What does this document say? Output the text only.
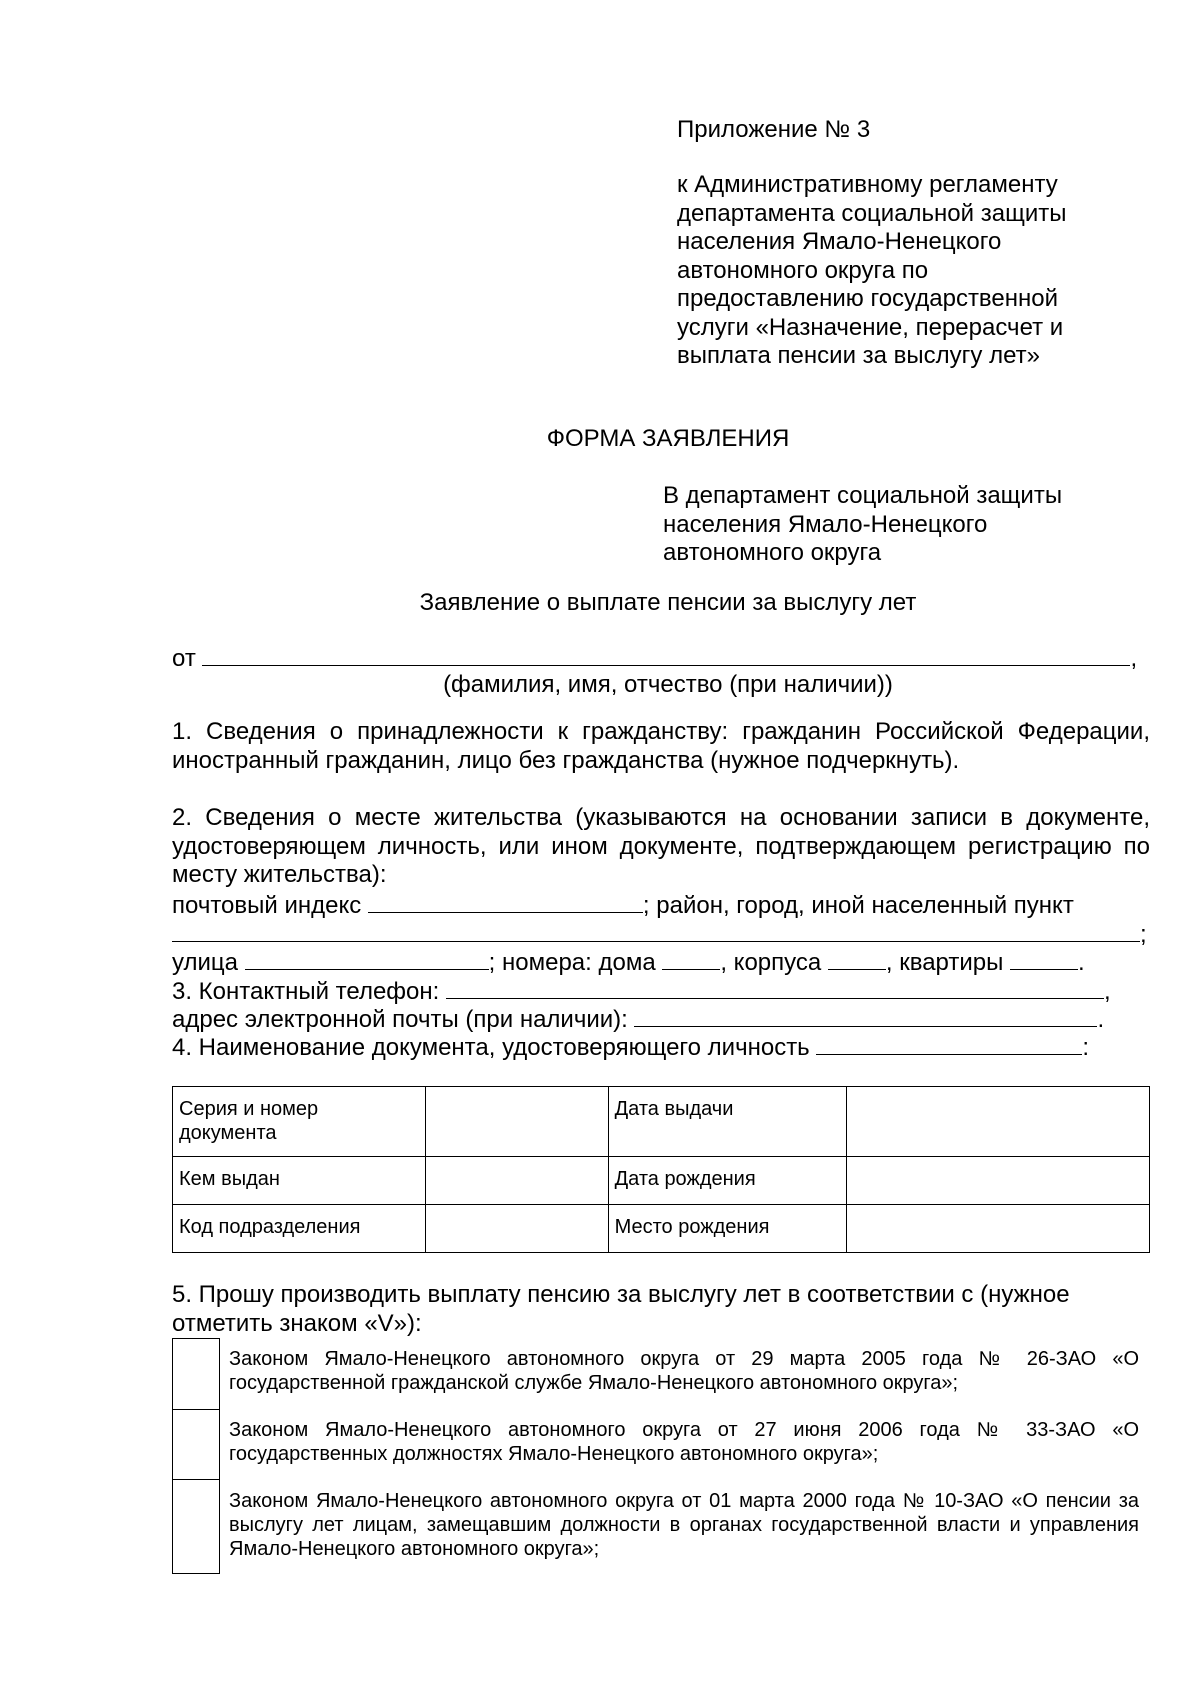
Приложение № 3
к Административному регламенту
департамента социальной защиты
населения Ямало-Ненецкого
автономного округа по
предоставлению государственной
услуги «Назначение, перерасчет и
выплата пенсии за выслугу лет»
ФОРМА ЗАЯВЛЕНИЯ
В департамент социальной защиты
населения Ямало-Ненецкого
автономного округа
Заявление о выплате пенсии за выслугу лет
от	,
(фамилия, имя, отчество (при наличии))
1. Сведения о принадлежности к гражданству: гражданин Российской Федерации, иностранный гражданин, лицо без гражданства (нужное подчеркнуть).
2. Сведения о месте жительства (указываются на основании записи в документе, удостоверяющем личность, или ином документе, подтверждающем регистрацию по месту жительства):
почтовый индекс	; район, город, иной населенный пункт
;
улица	; номера: дома	, корпуса	, квартиры	.
3. Контактный телефон:	,
адрес электронной почты (при наличии):	.
4. Наименование документа, удостоверяющего личность	:
Серия и номер документа		Дата выдачи	
Кем выдан		Дата рождения	
Код подразделения		Место рождения	
5. Прошу производить выплату пенсию за выслугу лет в соответствии с (нужное отметить знаком «V»):
Законом Ямало-Ненецкого автономного округа от 29 марта 2005 года № 26-ЗАО «О государственной гражданской службе Ямало-Ненецкого автономного округа»;
Законом Ямало-Ненецкого автономного округа от 27 июня 2006 года № 33-ЗАО «О государственных должностях Ямало-Ненецкого автономного округа»;
Законом Ямало-Ненецкого автономного округа от 01 марта 2000 года № 10-ЗАО «О пенсии за выслугу лет лицам, замещавшим должности в органах государственной власти и управления Ямало-Ненецкого автономного округа»;
